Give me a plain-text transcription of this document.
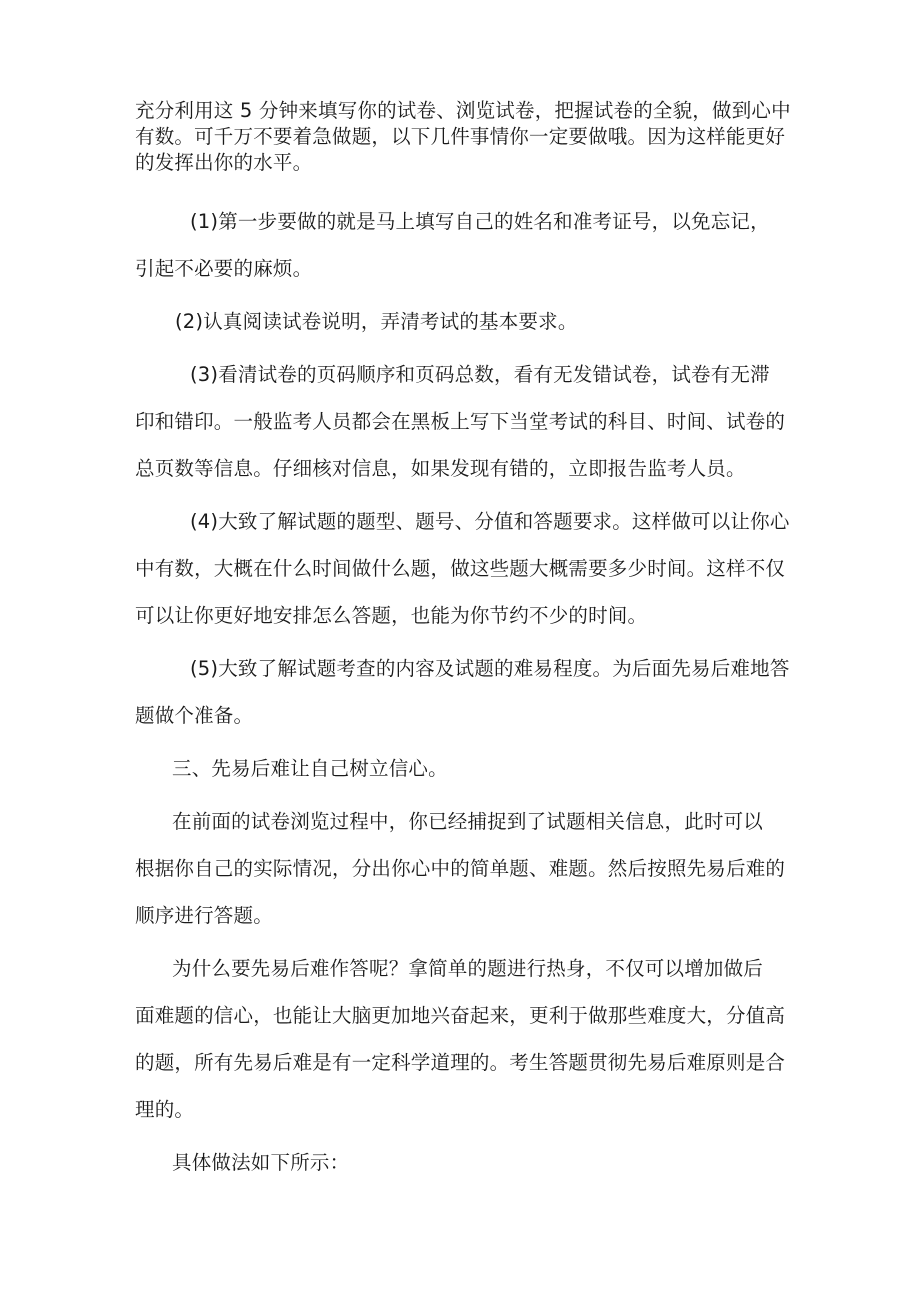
充分利用这 5 分钟来填写你的试卷、浏览试卷，把握试卷的全貌，做到心中
有数。可千万不要着急做题，以下几件事情你一定要做哦。因为这样能更好
的发挥出你的水平。
(1)第一步要做的就是马上填写自己的姓名和准考证号，以免忘记，
引起不必要的麻烦。
(2)认真阅读试卷说明，弄清考试的基本要求。
(3)看清试卷的页码顺序和页码总数，看有无发错试卷，试卷有无滞
印和错印。一般监考人员都会在黑板上写下当堂考试的科目、时间、试卷的
总页数等信息。仔细核对信息，如果发现有错的，立即报告监考人员。
(4)大致了解试题的题型、题号、分值和答题要求。这样做可以让你心
中有数，大概在什么时间做什么题，做这些题大概需要多少时间。这样不仅
可以让你更好地安排怎么答题，也能为你节约不少的时间。
(5)大致了解试题考查的内容及试题的难易程度。为后面先易后难地答
题做个准备。
三、先易后难让自己树立信心。
在前面的试卷浏览过程中，你已经捕捉到了试题相关信息，此时可以
根据你自己的实际情况，分出你心中的简单题、难题。然后按照先易后难的
顺序进行答题。
为什么要先易后难作答呢？拿简单的题进行热身，不仅可以增加做后
面难题的信心，也能让大脑更加地兴奋起来，更利于做那些难度大，分值高
的题，所有先易后难是有一定科学道理的。考生答题贯彻先易后难原则是合
理的。
具体做法如下所示：
